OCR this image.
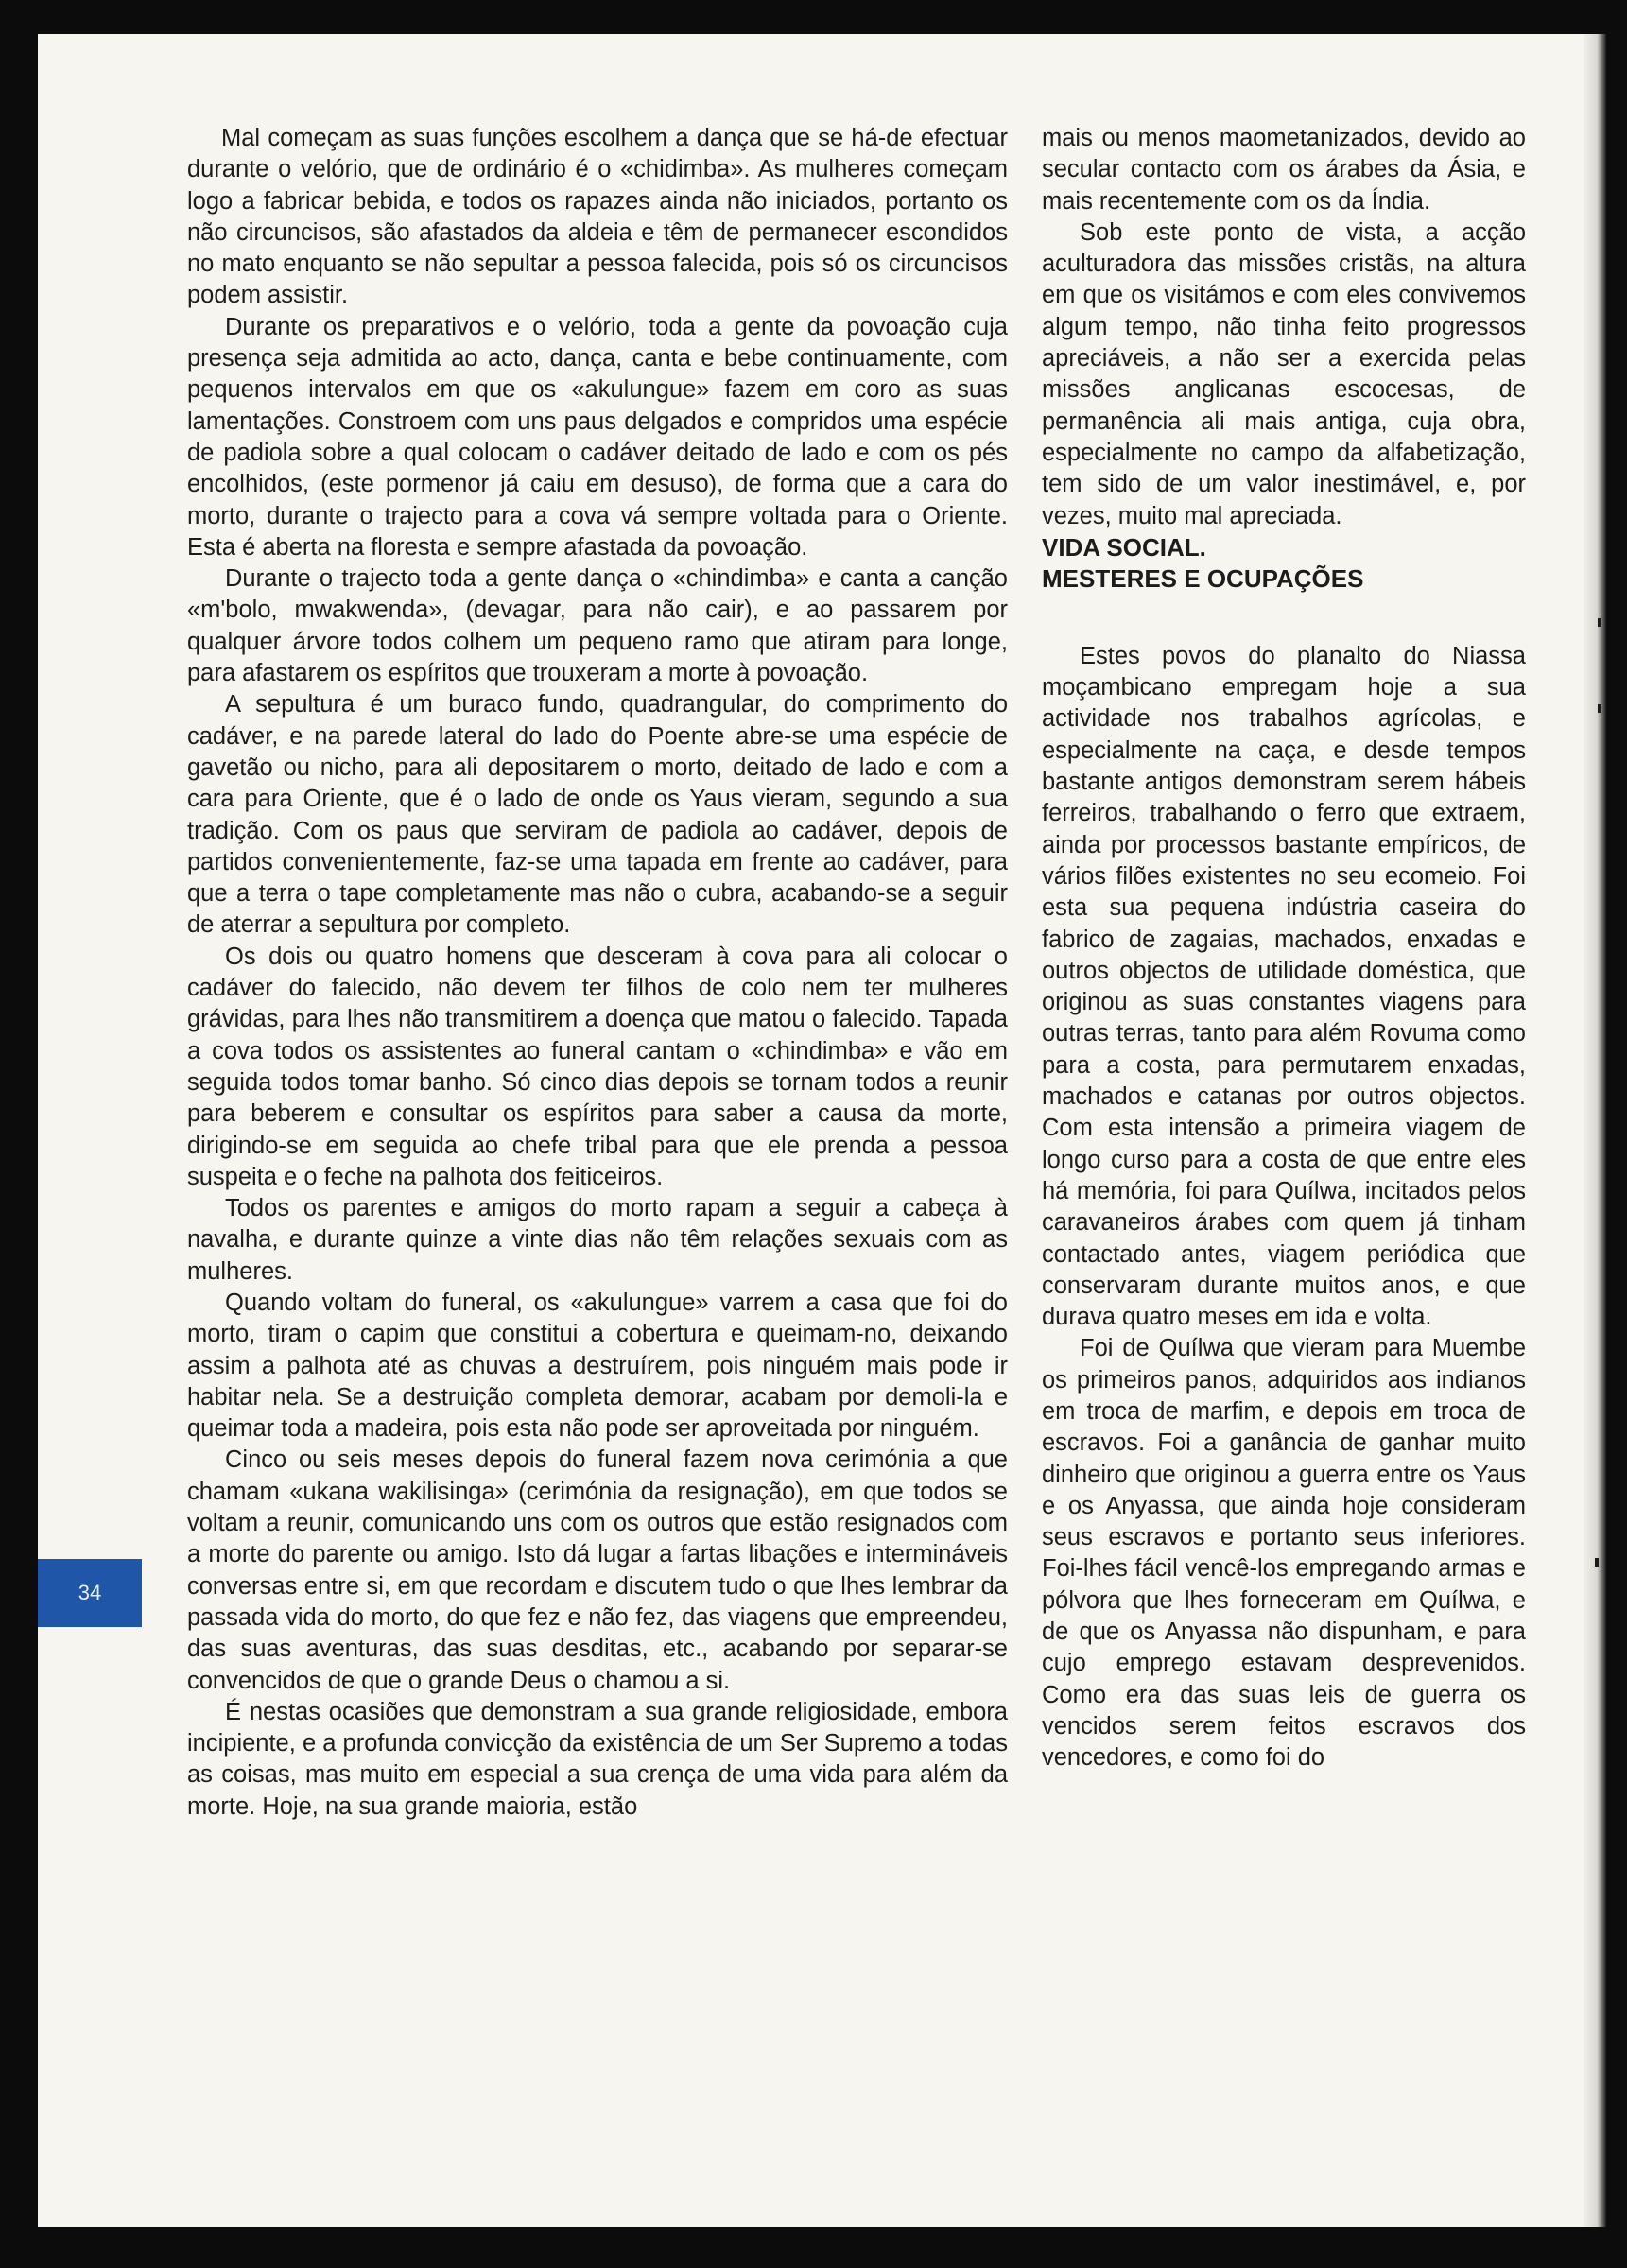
34

Mal começam as suas funções escolhem a dança que se há-de efectuar durante o velório, que de ordinário é o «chidimba». As mulheres começam logo a fabricar bebida, e todos os rapazes ainda não iniciados, portanto os não circuncisos, são afastados da aldeia e têm de permanecer escondidos no mato enquanto se não sepultar a pessoa falecida, pois só os circuncisos podem assistir.

Durante os preparativos e o velório, toda a gente da povoação cuja presença seja admitida ao acto, dança, canta e bebe continuamente, com pequenos intervalos em que os «akulungue» fazem em coro as suas lamentações. Constroem com uns paus delgados e compridos uma espécie de padiola sobre a qual colocam o cadáver deitado de lado e com os pés encolhidos, (este pormenor já caiu em desuso), de forma que a cara do morto, durante o trajecto para a cova vá sempre voltada para o Oriente. Esta é aberta na floresta e sempre afastada da povoação.

Durante o trajecto toda a gente dança o «chindimba» e canta a canção «m'bolo, mwakwenda», (devagar, para não cair), e ao passarem por qualquer árvore todos colhem um pequeno ramo que atiram para longe, para afastarem os espíritos que trouxeram a morte à povoação.

A sepultura é um buraco fundo, quadrangular, do comprimento do cadáver, e na parede lateral do lado do Poente abre-se uma espécie de gavetão ou nicho, para ali depositarem o morto, deitado de lado e com a cara para Oriente, que é o lado de onde os Yaus vieram, segundo a sua tradição. Com os paus que serviram de padiola ao cadáver, depois de partidos convenientemente, faz-se uma tapada em frente ao cadáver, para que a terra o tape completamente mas não o cubra, acabando-se a seguir de aterrar a sepultura por completo.

Os dois ou quatro homens que desceram à cova para ali colocar o cadáver do falecido, não devem ter filhos de colo nem ter mulheres grávidas, para lhes não transmitirem a doença que matou o falecido. Tapada a cova todos os assistentes ao funeral cantam o «chindimba» e vão em seguida todos tomar banho. Só cinco dias depois se tornam todos a reunir para beberem e consultar os espíritos para saber a causa da morte, dirigindo-se em seguida ao chefe tribal para que ele prenda a pessoa suspeita e o feche na palhota dos feiticeiros.

Todos os parentes e amigos do morto rapam a seguir a cabeça à navalha, e durante quinze a vinte dias não têm relações sexuais com as mulheres.

Quando voltam do funeral, os «akulungue» varrem a casa que foi do morto, tiram o capim que constitui a cobertura e queimam-no, deixando assim a palhota até as chuvas a destruírem, pois ninguém mais pode ir habitar nela. Se a destruição completa demorar, acabam por demoli-la e queimar toda a madeira, pois esta não pode ser aproveitada por ninguém.

Cinco ou seis meses depois do funeral fazem nova cerimónia a que chamam «ukana wakilisinga» (cerimónia da resignação), em que todos se voltam a reunir, comunicando uns com os outros que estão resignados com a morte do parente ou amigo. Isto dá lugar a fartas libações e intermináveis conversas entre si, em que recordam e discutem tudo o que lhes lembrar da passada vida do morto, do que fez e não fez, das viagens que empreendeu, das suas aventuras, das suas desditas, etc., acabando por separar-se convencidos de que o grande Deus o chamou a si.

É nestas ocasiões que demonstram a sua grande religiosidade, embora incipiente, e a profunda convicção da existência de um Ser Supremo a todas as coisas, mas muito em especial a sua crença de uma vida para além da morte. Hoje, na sua grande maioria, estão

mais ou menos maometanizados, devido ao secular contacto com os árabes da Ásia, e mais recentemente com os da Índia.

Sob este ponto de vista, a acção aculturadora das missões cristãs, na altura em que os visitámos e com eles convivemos algum tempo, não tinha feito progressos apreciáveis, a não ser a exercida pelas missões anglicanas escocesas, de permanência ali mais antiga, cuja obra, especialmente no campo da alfabetização, tem sido de um valor inestimável, e, por vezes, muito mal apreciada.

VIDA SOCIAL.
MESTERES E OCUPAÇÕES

Estes povos do planalto do Niassa moçambicano empregam hoje a sua actividade nos trabalhos agrícolas, e especialmente na caça, e desde tempos bastante antigos demonstram serem hábeis ferreiros, trabalhando o ferro que extraem, ainda por processos bastante empíricos, de vários filões existentes no seu ecomeio. Foi esta sua pequena indústria caseira do fabrico de zagaias, machados, enxadas e outros objectos de utilidade doméstica, que originou as suas constantes viagens para outras terras, tanto para além Rovuma como para a costa, para permutarem enxadas, machados e catanas por outros objectos. Com esta intensão a primeira viagem de longo curso para a costa de que entre eles há memória, foi para Quílwa, incitados pelos caravaneiros árabes com quem já tinham contactado antes, viagem periódica que conservaram durante muitos anos, e que durava quatro meses em ida e volta.

Foi de Quílwa que vieram para Muembe os primeiros panos, adquiridos aos indianos em troca de marfim, e depois em troca de escravos. Foi a ganância de ganhar muito dinheiro que originou a guerra entre os Yaus e os Anyassa, que ainda hoje consideram seus escravos e portanto seus inferiores. Foi-lhes fácil vencê-los empregando armas e pólvora que lhes forneceram em Quílwa, e de que os Anyassa não dispunham, e para cujo emprego estavam desprevenidos. Como era das suas leis de guerra os vencidos serem feitos escravos dos vencedores, e como foi do
